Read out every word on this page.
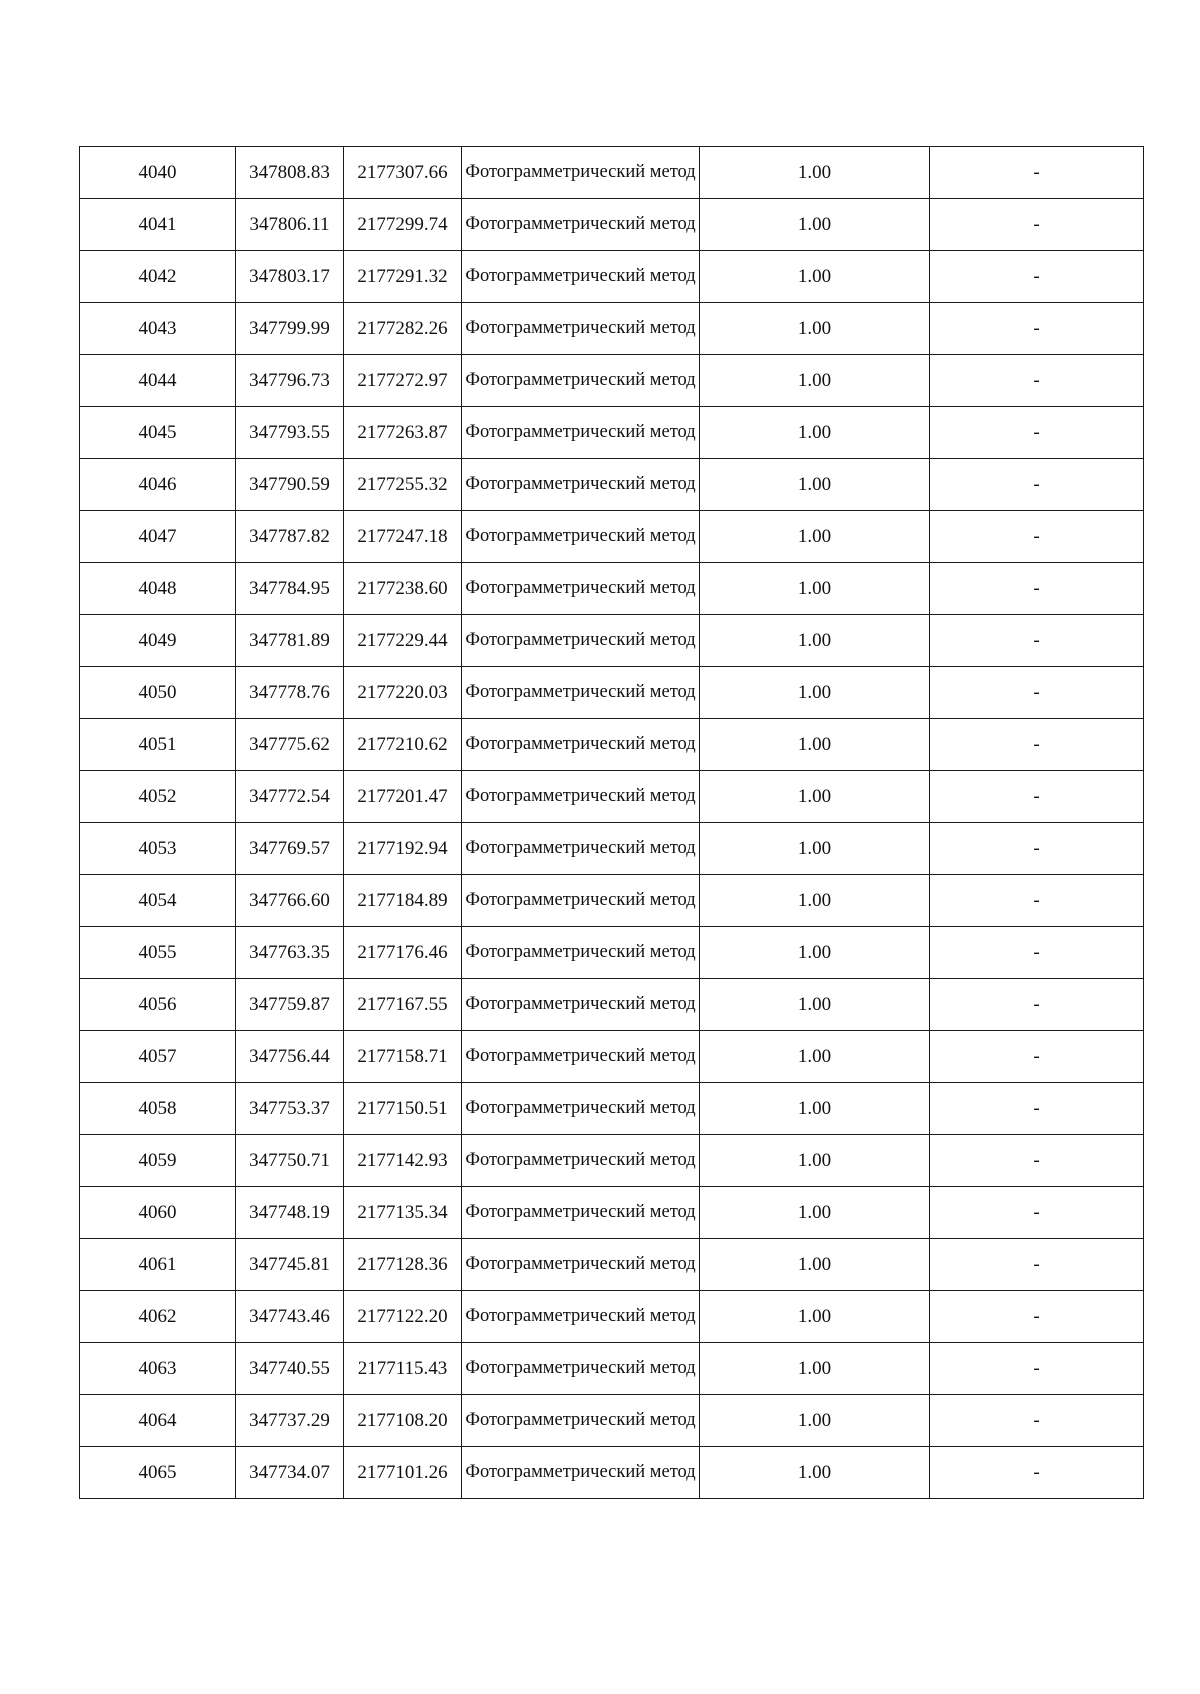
4040	347808.83	2177307.66	Фотограмметрический метод	1.00	-
4041	347806.11	2177299.74	Фотограмметрический метод	1.00	-
4042	347803.17	2177291.32	Фотограмметрический метод	1.00	-
4043	347799.99	2177282.26	Фотограмметрический метод	1.00	-
4044	347796.73	2177272.97	Фотограмметрический метод	1.00	-
4045	347793.55	2177263.87	Фотограмметрический метод	1.00	-
4046	347790.59	2177255.32	Фотограмметрический метод	1.00	-
4047	347787.82	2177247.18	Фотограмметрический метод	1.00	-
4048	347784.95	2177238.60	Фотограмметрический метод	1.00	-
4049	347781.89	2177229.44	Фотограмметрический метод	1.00	-
4050	347778.76	2177220.03	Фотограмметрический метод	1.00	-
4051	347775.62	2177210.62	Фотограмметрический метод	1.00	-
4052	347772.54	2177201.47	Фотограмметрический метод	1.00	-
4053	347769.57	2177192.94	Фотограмметрический метод	1.00	-
4054	347766.60	2177184.89	Фотограмметрический метод	1.00	-
4055	347763.35	2177176.46	Фотограмметрический метод	1.00	-
4056	347759.87	2177167.55	Фотограмметрический метод	1.00	-
4057	347756.44	2177158.71	Фотограмметрический метод	1.00	-
4058	347753.37	2177150.51	Фотограмметрический метод	1.00	-
4059	347750.71	2177142.93	Фотограмметрический метод	1.00	-
4060	347748.19	2177135.34	Фотограмметрический метод	1.00	-
4061	347745.81	2177128.36	Фотограмметрический метод	1.00	-
4062	347743.46	2177122.20	Фотограмметрический метод	1.00	-
4063	347740.55	2177115.43	Фотограмметрический метод	1.00	-
4064	347737.29	2177108.20	Фотограмметрический метод	1.00	-
4065	347734.07	2177101.26	Фотограмметрический метод	1.00	-
